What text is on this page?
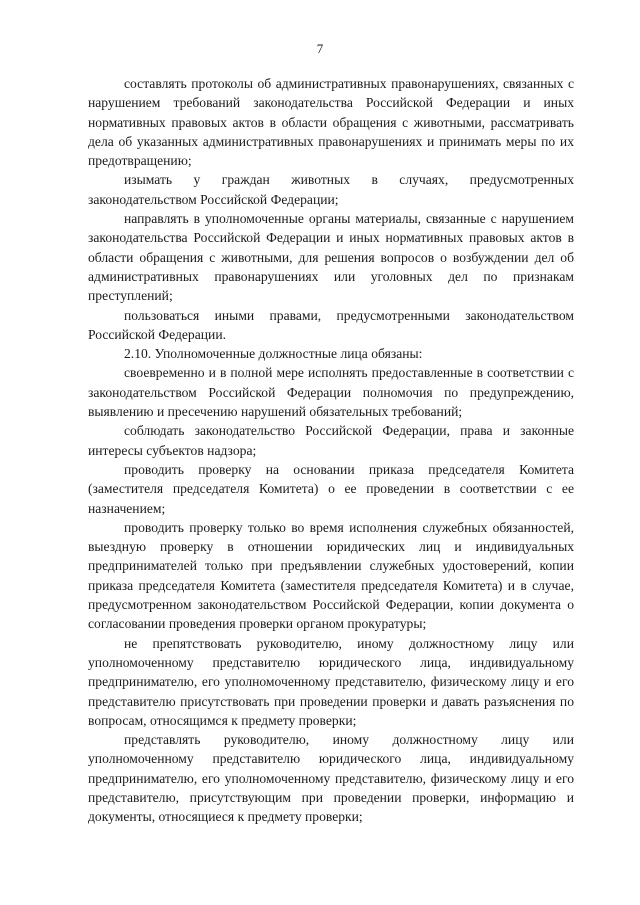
7

составлять протоколы об административных правонарушениях, связанных с нарушением требований законодательства Российской Федерации и иных нормативных правовых актов в области обращения с животными, рассматривать дела об указанных административных правонарушениях и принимать меры по их предотвращению;

изымать у граждан животных в случаях, предусмотренных законодательством Российской Федерации;

направлять в уполномоченные органы материалы, связанные с нарушением законодательства Российской Федерации и иных нормативных правовых актов в области обращения с животными, для решения вопросов о возбуждении дел об административных правонарушениях или уголовных дел по признакам преступлений;

пользоваться иными правами, предусмотренными законодательством Российской Федерации.

2.10. Уполномоченные должностные лица обязаны:

своевременно и в полной мере исполнять предоставленные в соответствии с законодательством Российской Федерации полномочия по предупреждению, выявлению и пресечению нарушений обязательных требований;

соблюдать законодательство Российской Федерации, права и законные интересы субъектов надзора;

проводить проверку на основании приказа председателя Комитета (заместителя председателя Комитета) о ее проведении в соответствии с ее назначением;

проводить проверку только во время исполнения служебных обязанностей, выездную проверку в отношении юридических лиц и индивидуальных предпринимателей только при предъявлении служебных удостоверений, копии приказа председателя Комитета (заместителя председателя Комитета) и в случае, предусмотренном законодательством Российской Федерации, копии документа о согласовании проведения проверки органом прокуратуры;

не препятствовать руководителю, иному должностному лицу или уполномоченному представителю юридического лица, индивидуальному предпринимателю, его уполномоченному представителю, физическому лицу и его представителю присутствовать при проведении проверки и давать разъяснения по вопросам, относящимся к предмету проверки;

представлять руководителю, иному должностному лицу или уполномоченному представителю юридического лица, индивидуальному предпринимателю, его уполномоченному представителю, физическому лицу и его представителю, присутствующим при проведении проверки, информацию и документы, относящиеся к предмету проверки;
